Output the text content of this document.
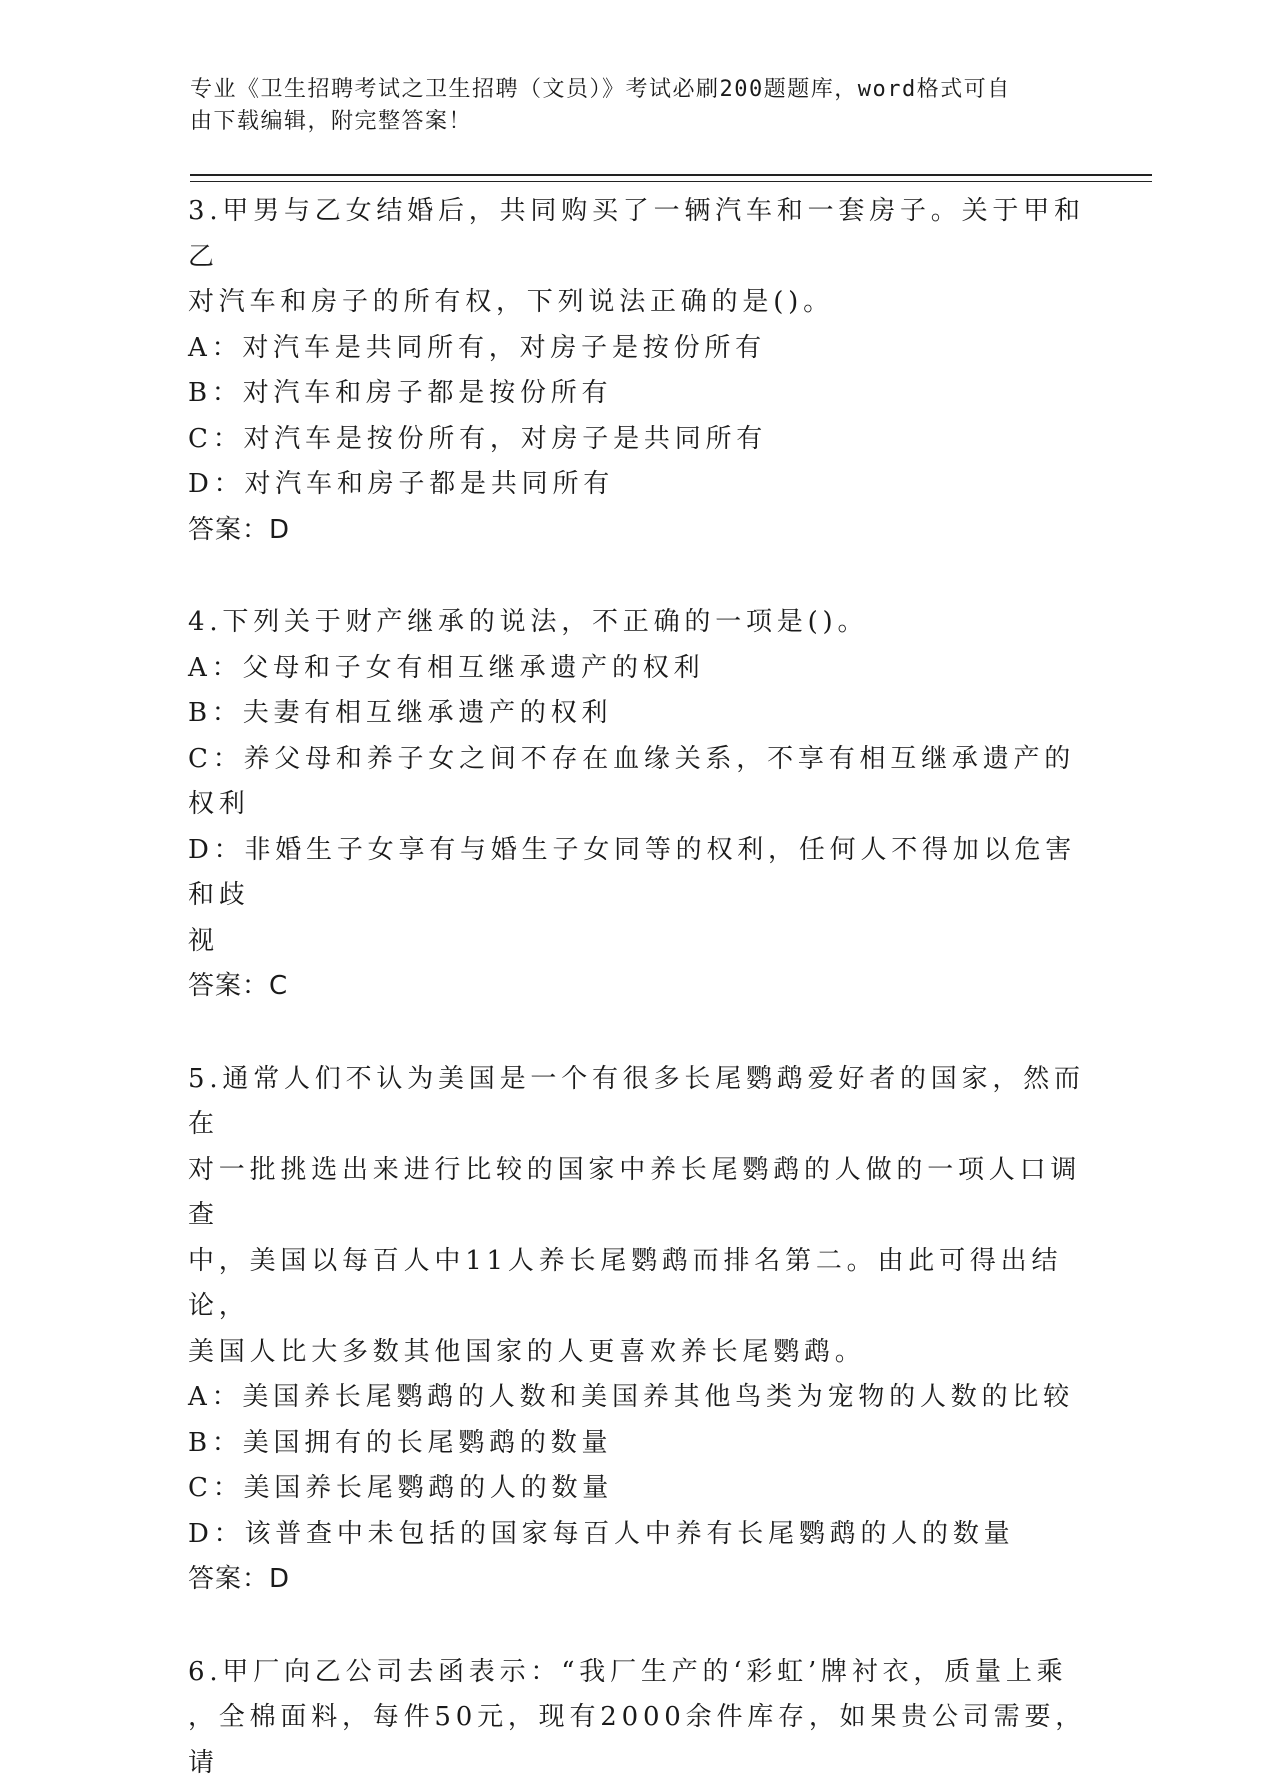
专业《卫生招聘考试之卫生招聘（文员）》考试必刷200题题库，word格式可自
由下载编辑，附完整答案！

3.甲男与乙女结婚后，共同购买了一辆汽车和一套房子。关于甲和乙

对汽车和房子的所有权，下列说法正确的是()。

A：对汽车是共同所有，对房子是按份所有

B：对汽车和房子都是按份所有

C：对汽车是按份所有，对房子是共同所有

D：对汽车和房子都是共同所有

答案：D

4.下列关于财产继承的说法，不正确的一项是()。

A：父母和子女有相互继承遗产的权利

B：夫妻有相互继承遗产的权利

C：养父母和养子女之间不存在血缘关系，不享有相互继承遗产的权利

D：非婚生子女享有与婚生子女同等的权利，任何人不得加以危害和歧

视

答案：C

5.通常人们不认为美国是一个有很多长尾鹦鹉爱好者的国家，然而在

对一批挑选出来进行比较的国家中养长尾鹦鹉的人做的一项人口调查

中，美国以每百人中11人养长尾鹦鹉而排名第二。由此可得出结论，

美国人比大多数其他国家的人更喜欢养长尾鹦鹉。

A：美国养长尾鹦鹉的人数和美国养其他鸟类为宠物的人数的比较

B：美国拥有的长尾鹦鹉的数量

C：美国养长尾鹦鹉的人的数量

D：该普查中未包括的国家每百人中养有长尾鹦鹉的人的数量

答案：D

6.甲厂向乙公司去函表示：“我厂生产的‘彩虹’牌衬衣，质量上乘

，全棉面料，每件50元，现有2000余件库存，如果贵公司需要，请
